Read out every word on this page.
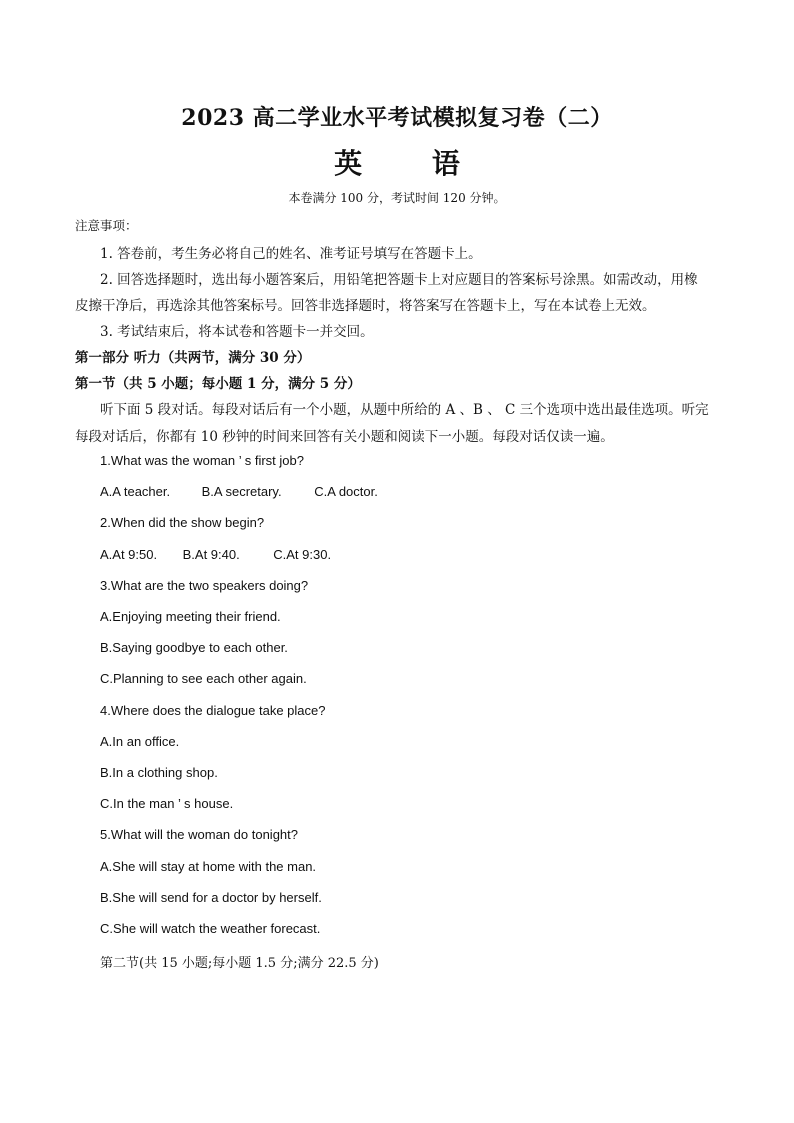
2023 高二学业水平考试模拟复习卷（二）
英 语
本卷满分 100 分，考试时间 120 分钟。
注意事项：
1. 答卷前，考生务必将自己的姓名、准考证号填写在答题卡上。
2. 回答选择题时，选出每小题答案后，用铅笔把答题卡上对应题目的答案标号涂黑。如需改动，用橡
皮擦干净后，再选涂其他答案标号。回答非选择题时，将答案写在答题卡上，写在本试卷上无效。
3. 考试结束后，将本试卷和答题卡一并交回。
第一部分 听力（共两节，满分 30 分）
第一节（共 5 小题；每小题 1 分，满分 5 分）
听下面 5 段对话。每段对话后有一个小题，从题中所给的 A 、B 、 C 三个选项中选出最佳选项。听完
每段对话后，你都有 10 秒钟的时间来回答有关小题和阅读下一小题。每段对话仅读一遍。
1.What was the woman ’ s first job?
A.A teacher. B.A secretary.	C.A doctor.
2.When did the show begin?
A.At 9:50. B.At 9:40.	C.At 9:30.
3.What are the two speakers doing?
A.Enjoying meeting their friend.
B.Saying goodbye to each other.
C.Planning to see each other again.
4.Where does the dialogue take place?
A.In an office.
B.In a clothing shop.
C.In the man ’ s house.
5.What will the woman do tonight?
A.She will stay at home with the man.
B.She will send for a doctor by herself.
C.She will watch the weather forecast.
第二节(共 15 小题;每小题 1.5 分;满分 22.5 分)
